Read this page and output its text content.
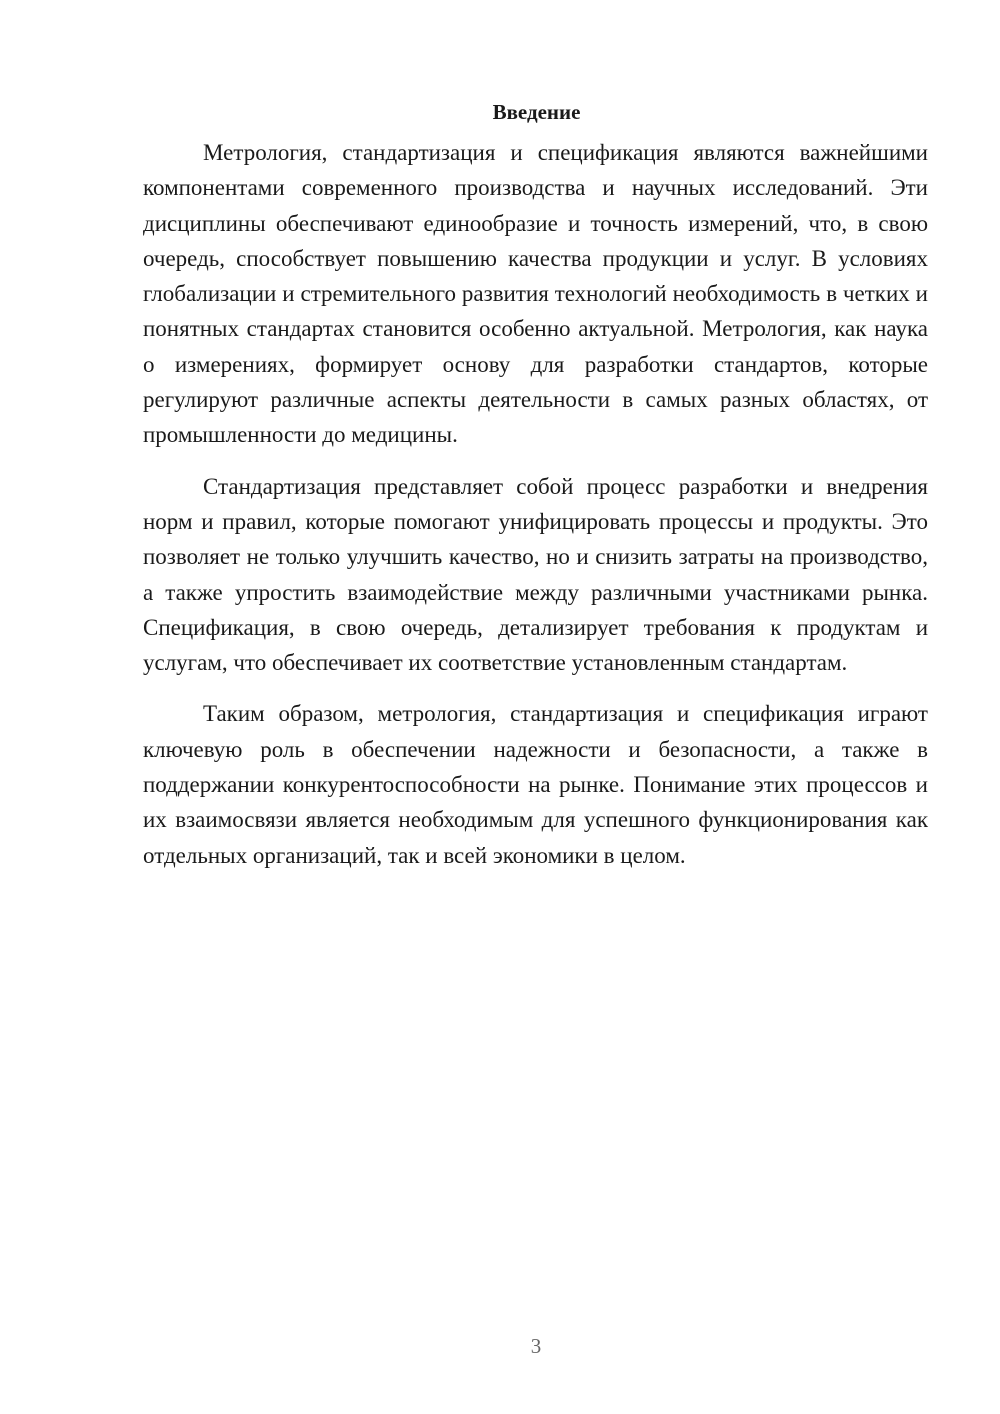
Введение

Метрология, стандартизация и спецификация являются важнейшими компонентами современного производства и научных исследований. Эти дисциплины обеспечивают единообразие и точность измерений, что, в свою очередь, способствует повышению качества продукции и услуг. В условиях глобализации и стремительного развития технологий необходимость в четких и понятных стандартах становится особенно актуальной. Метрология, как наука о измерениях, формирует основу для разработки стандартов, которые регулируют различные аспекты деятельности в самых разных областях, от промышленности до медицины.

Стандартизация представляет собой процесс разработки и внедрения норм и правил, которые помогают унифицировать процессы и продукты. Это позволяет не только улучшить качество, но и снизить затраты на производство, а также упростить взаимодействие между различными участниками рынка. Спецификация, в свою очередь, детализирует требования к продуктам и услугам, что обеспечивает их соответствие установленным стандартам.

Таким образом, метрология, стандартизация и спецификация играют ключевую роль в обеспечении надежности и безопасности, а также в поддержании конкурентоспособности на рынке. Понимание этих процессов и их взаимосвязи является необходимым для успешного функционирования как отдельных организаций, так и всей экономики в целом.

3
